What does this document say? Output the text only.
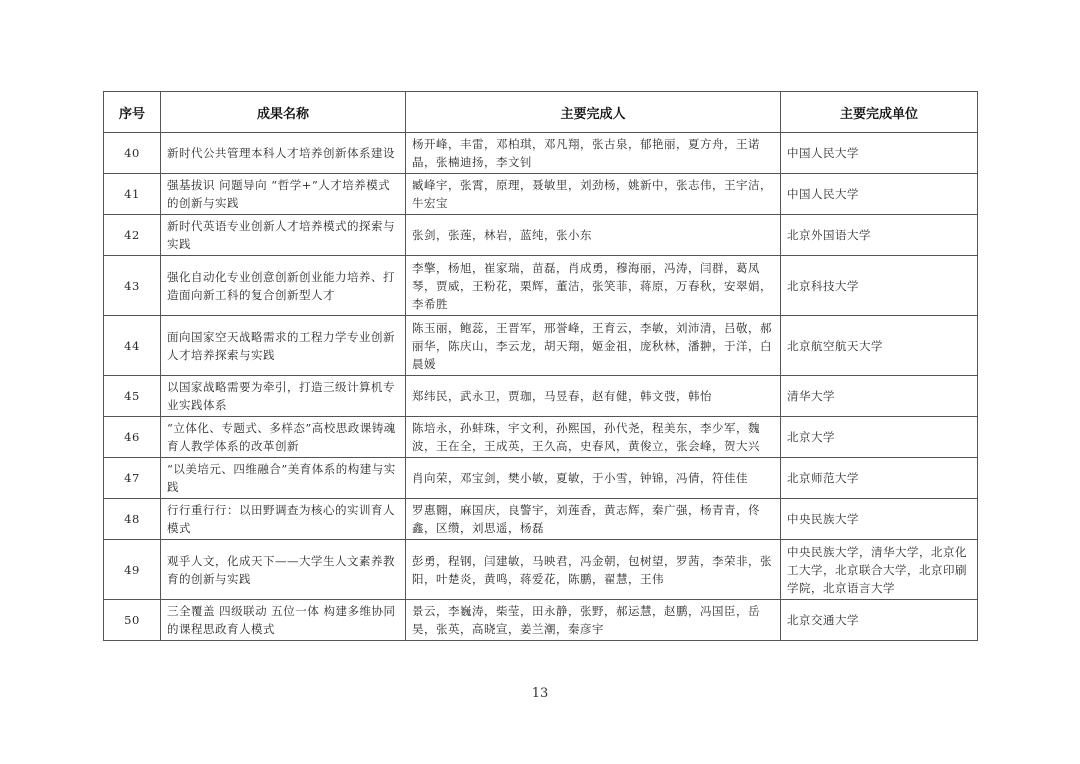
序号	成果名称	主要完成人	主要完成单位
40	新时代公共管理本科人才培养创新体系建设	杨开峰，丰雷，邓柏琪，邓凡翔，张古泉，郁艳丽，夏方舟，王诺晶，张楠迪扬，李文钊	中国人民大学
41	强基拔识 问题导向 “哲学+”人才培养模式的创新与实践	臧峰宇，张霄，原理，聂敏里，刘劲杨，姚新中，张志伟，王宇洁，牛宏宝	中国人民大学
42	新时代英语专业创新人才培养模式的探索与实践	张剑，张莲，林岩，蓝纯，张小东	北京外国语大学
43	强化自动化专业创意创新创业能力培养、打造面向新工科的复合创新型人才	李擎，杨旭，崔家瑞，苗磊，肖成勇，穆海丽，冯涛，闫群，葛凤琴，贾威，王粉花，栗辉，董洁，张笑菲，蒋原，万春秋，安翠娟，李希胜	北京科技大学
44	面向国家空天战略需求的工程力学专业创新人才培养探索与实践	陈玉丽，鲍蕊，王晋军，邢誉峰，王育云，李敏，刘沛清，吕敬，郝丽华，陈庆山，李云龙，胡天翔，姬金祖，庞秋林，潘翀，于洋，白晨媛	北京航空航天大学
45	以国家战略需要为牵引，打造三级计算机专业实践体系	郑纬民，武永卫，贾珈，马昱春，赵有健，韩文弢，韩怡	清华大学
46	“立体化、专题式、多样态”高校思政课铸魂育人教学体系的改革创新	陈培永，孙蚌珠，宇文利，孙熙国，孙代尧，程美东，李少军，魏波，王在全，王成英，王久高，史春风，黄俊立，张会峰，贺大兴	北京大学
47	“以美培元、四维融合”美育体系的构建与实践	肖向荣，邓宝剑，樊小敏，夏敏，于小雪，钟锦，冯倩，符佳佳	北京师范大学
48	行行重行行：以田野调查为核心的实训育人模式	罗惠翾，麻国庆，良警宇，刘莲香，黄志辉，秦广强，杨青青，佟鑫，区缵，刘思遥，杨磊	中央民族大学
49	观乎人文，化成天下——大学生人文素养教育的创新与实践	彭勇，程钢，闫建敏，马映君，冯金朝，包树望，罗茜，李荣非，张阳，叶楚炎，黄鸣，蒋爱花，陈鹏，翟慧，王伟	中央民族大学，清华大学，北京化工大学，北京联合大学，北京印刷学院，北京语言大学
50	三全覆盖 四级联动 五位一体 构建多维协同的课程思政育人模式	景云，李巍涛，柴莹，田永静，张野，郝运慧，赵鹏，冯国臣，岳昊，张英，高晓宣，姜兰潮，秦彦宇	北京交通大学
13
